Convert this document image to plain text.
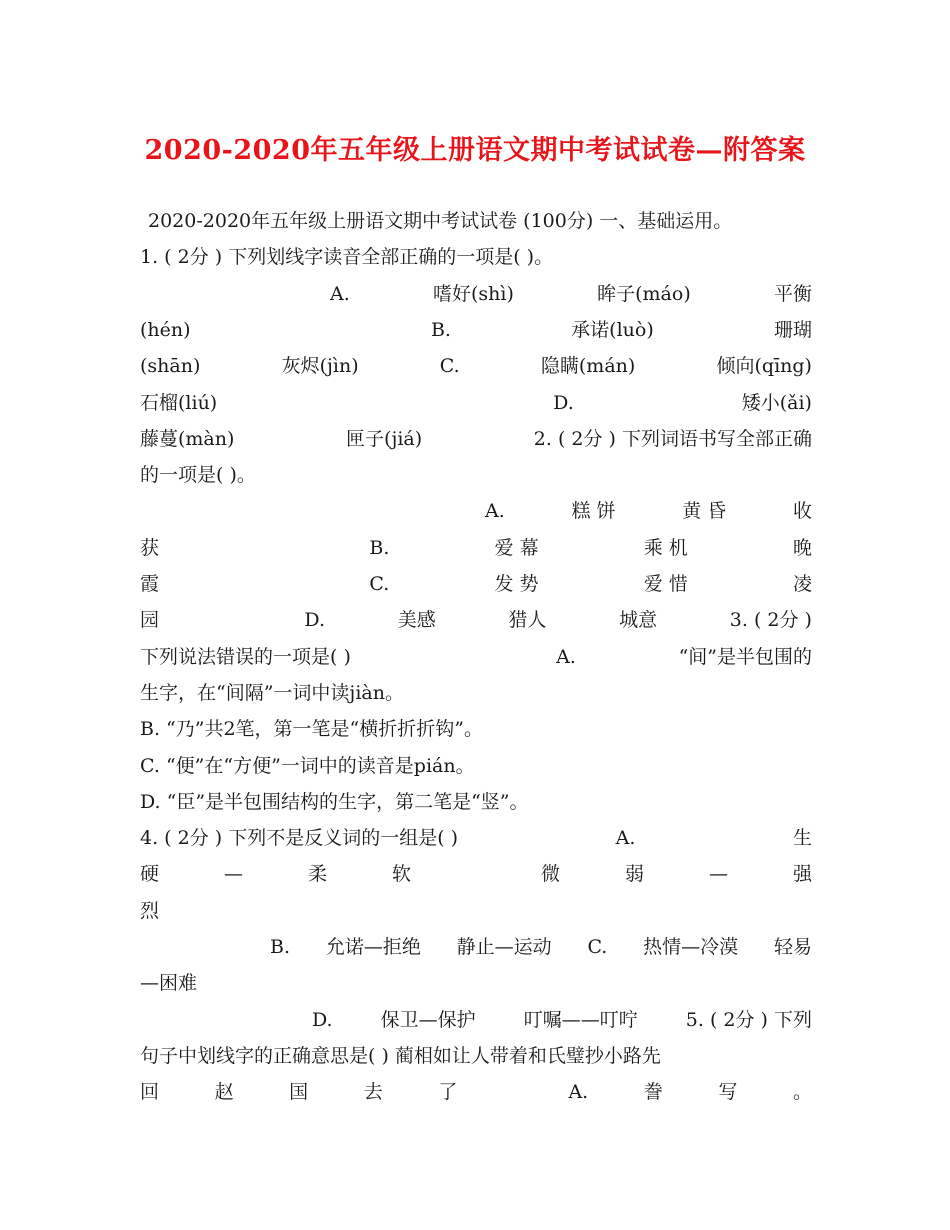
2020-2020年五年级上册语文期中考试试卷—附答案
2020-2020年五年级上册语文期中考试试卷 (100分) 一、基础运用。
1. ( 2分 ) 下列划线字读音全部正确的一项是( )。
A.	嗜好(shì)	眸子(máo)	平衡
(hén)	B.	承诺(luò)	珊瑚
(shān)	灰烬(jìn)	C.	隐瞒(mán)	倾向(qīng)
石榴(liú)	D.	矮小(ǎi)
藤蔓(màn)	匣子(jiá)	2. ( 2分 ) 下列词语书写全部正确
的一项是( )。
A.	糕 饼	黄 昏	收
获	B.	爱 幕	乘 机	晚
霞	C.	发 势	爱 惜	凌
园	D.	美感	猎人	城意	3. ( 2分 )
下列说法错误的一项是( )	A.	“间”是半包围的
生字，在“间隔”一词中读jiàn。
B. “乃”共2笔，第一笔是“横折折折钩”。
C. “便”在“方便”一词中的读音是pián。
D. “臣”是半包围结构的生字，第二笔是“竖”。
4. ( 2分 ) 下列不是反义词的一组是( )	A.	生
硬	—	柔	软	微	弱	—	强
烈
B. 允诺—拒绝 静止—运动 C. 热情—冷漠 轻易
—困难
D.	保卫—保护	叮嘱——叮咛	5. ( 2分 ) 下列
句子中划线字的正确意思是( ) 蔺相如让人带着和氏璧抄小路先
回	赵	国	去	了	A.	誊	写	。
